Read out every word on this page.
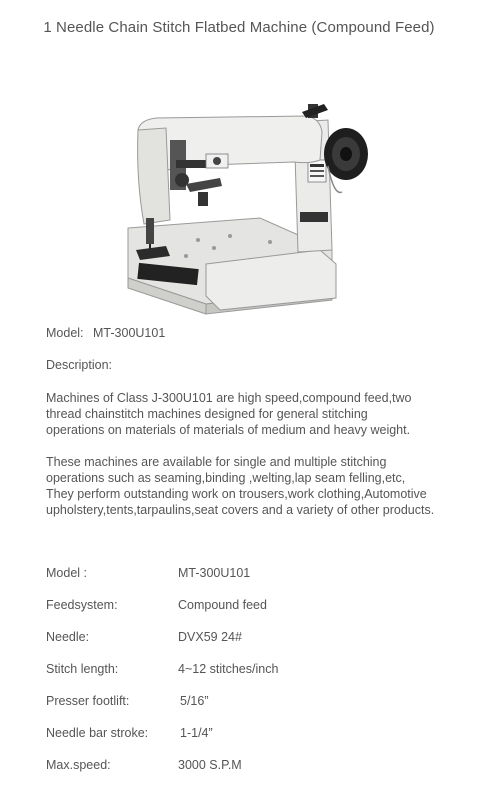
1 Needle Chain Stitch Flatbed Machine (Compound Feed)
Model: MT-300U101
Description:
Machines of Class J-300U101 are high speed,compound feed,two
thread chainstitch machines designed for general stitching
operations on materials of materials of medium and heavy weight.
These machines are available for single and multiple stitching
operations such as seaming,binding ,welting,lap seam felling,etc,
They perform outstanding work on trousers,work clothing,Automotive
upholstery,tents,tarpaulins,seat covers and a variety of other products.
Model :	MT-300U101
Feedsystem:	Compound feed
Needle:	DVX59 24#
Stitch length:	4~12 stitches/inch
Presser footlift:	5/16”
Needle bar stroke:	1-1/4”
Max.speed:	3000 S.P.M
